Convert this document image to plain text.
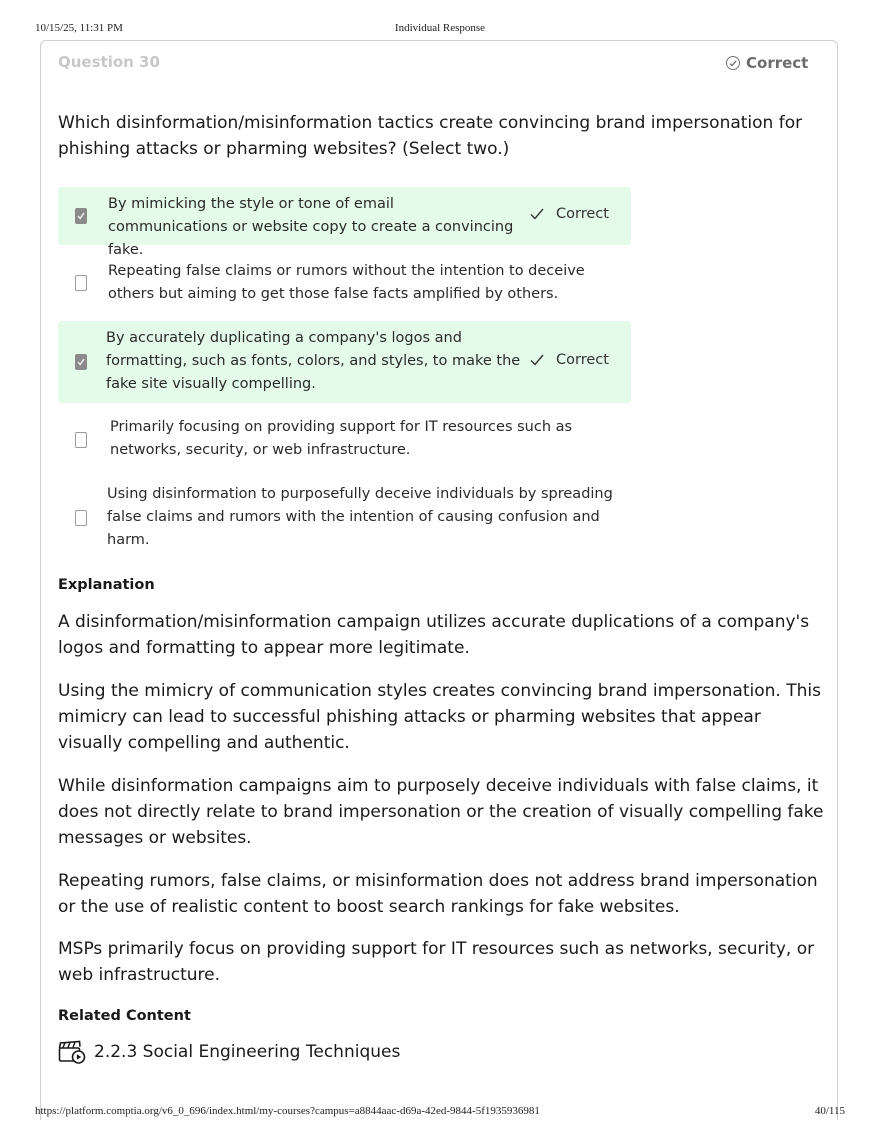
10/15/25, 11:31 PM	Individual Response
Question 30	Correct
Which disinformation/misinformation tactics create convincing brand impersonation for phishing attacks or pharming websites? (Select two.)
By mimicking the style or tone of email communications or website copy to create a convincing fake.
Correct
Repeating false claims or rumors without the intention to deceive others but aiming to get those false facts amplified by others.
By accurately duplicating a company's logos and formatting, such as fonts, colors, and styles, to make the fake site visually compelling.
Correct
Primarily focusing on providing support for IT resources such as networks, security, or web infrastructure.
Using disinformation to purposefully deceive individuals by spreading false claims and rumors with the intention of causing confusion and harm.
Explanation
A disinformation/misinformation campaign utilizes accurate duplications of a company's logos and formatting to appear more legitimate.
Using the mimicry of communication styles creates convincing brand impersonation. This mimicry can lead to successful phishing attacks or pharming websites that appear visually compelling and authentic.
While disinformation campaigns aim to purposely deceive individuals with false claims, it does not directly relate to brand impersonation or the creation of visually compelling fake messages or websites.
Repeating rumors, false claims, or misinformation does not address brand impersonation or the use of realistic content to boost search rankings for fake websites.
MSPs primarily focus on providing support for IT resources such as networks, security, or web infrastructure.
Related Content
2.2.3 Social Engineering Techniques
https://platform.comptia.org/v6_0_696/index.html/my-courses?campus=a8844aac-d69a-42ed-9844-5f1935936981	40/115
